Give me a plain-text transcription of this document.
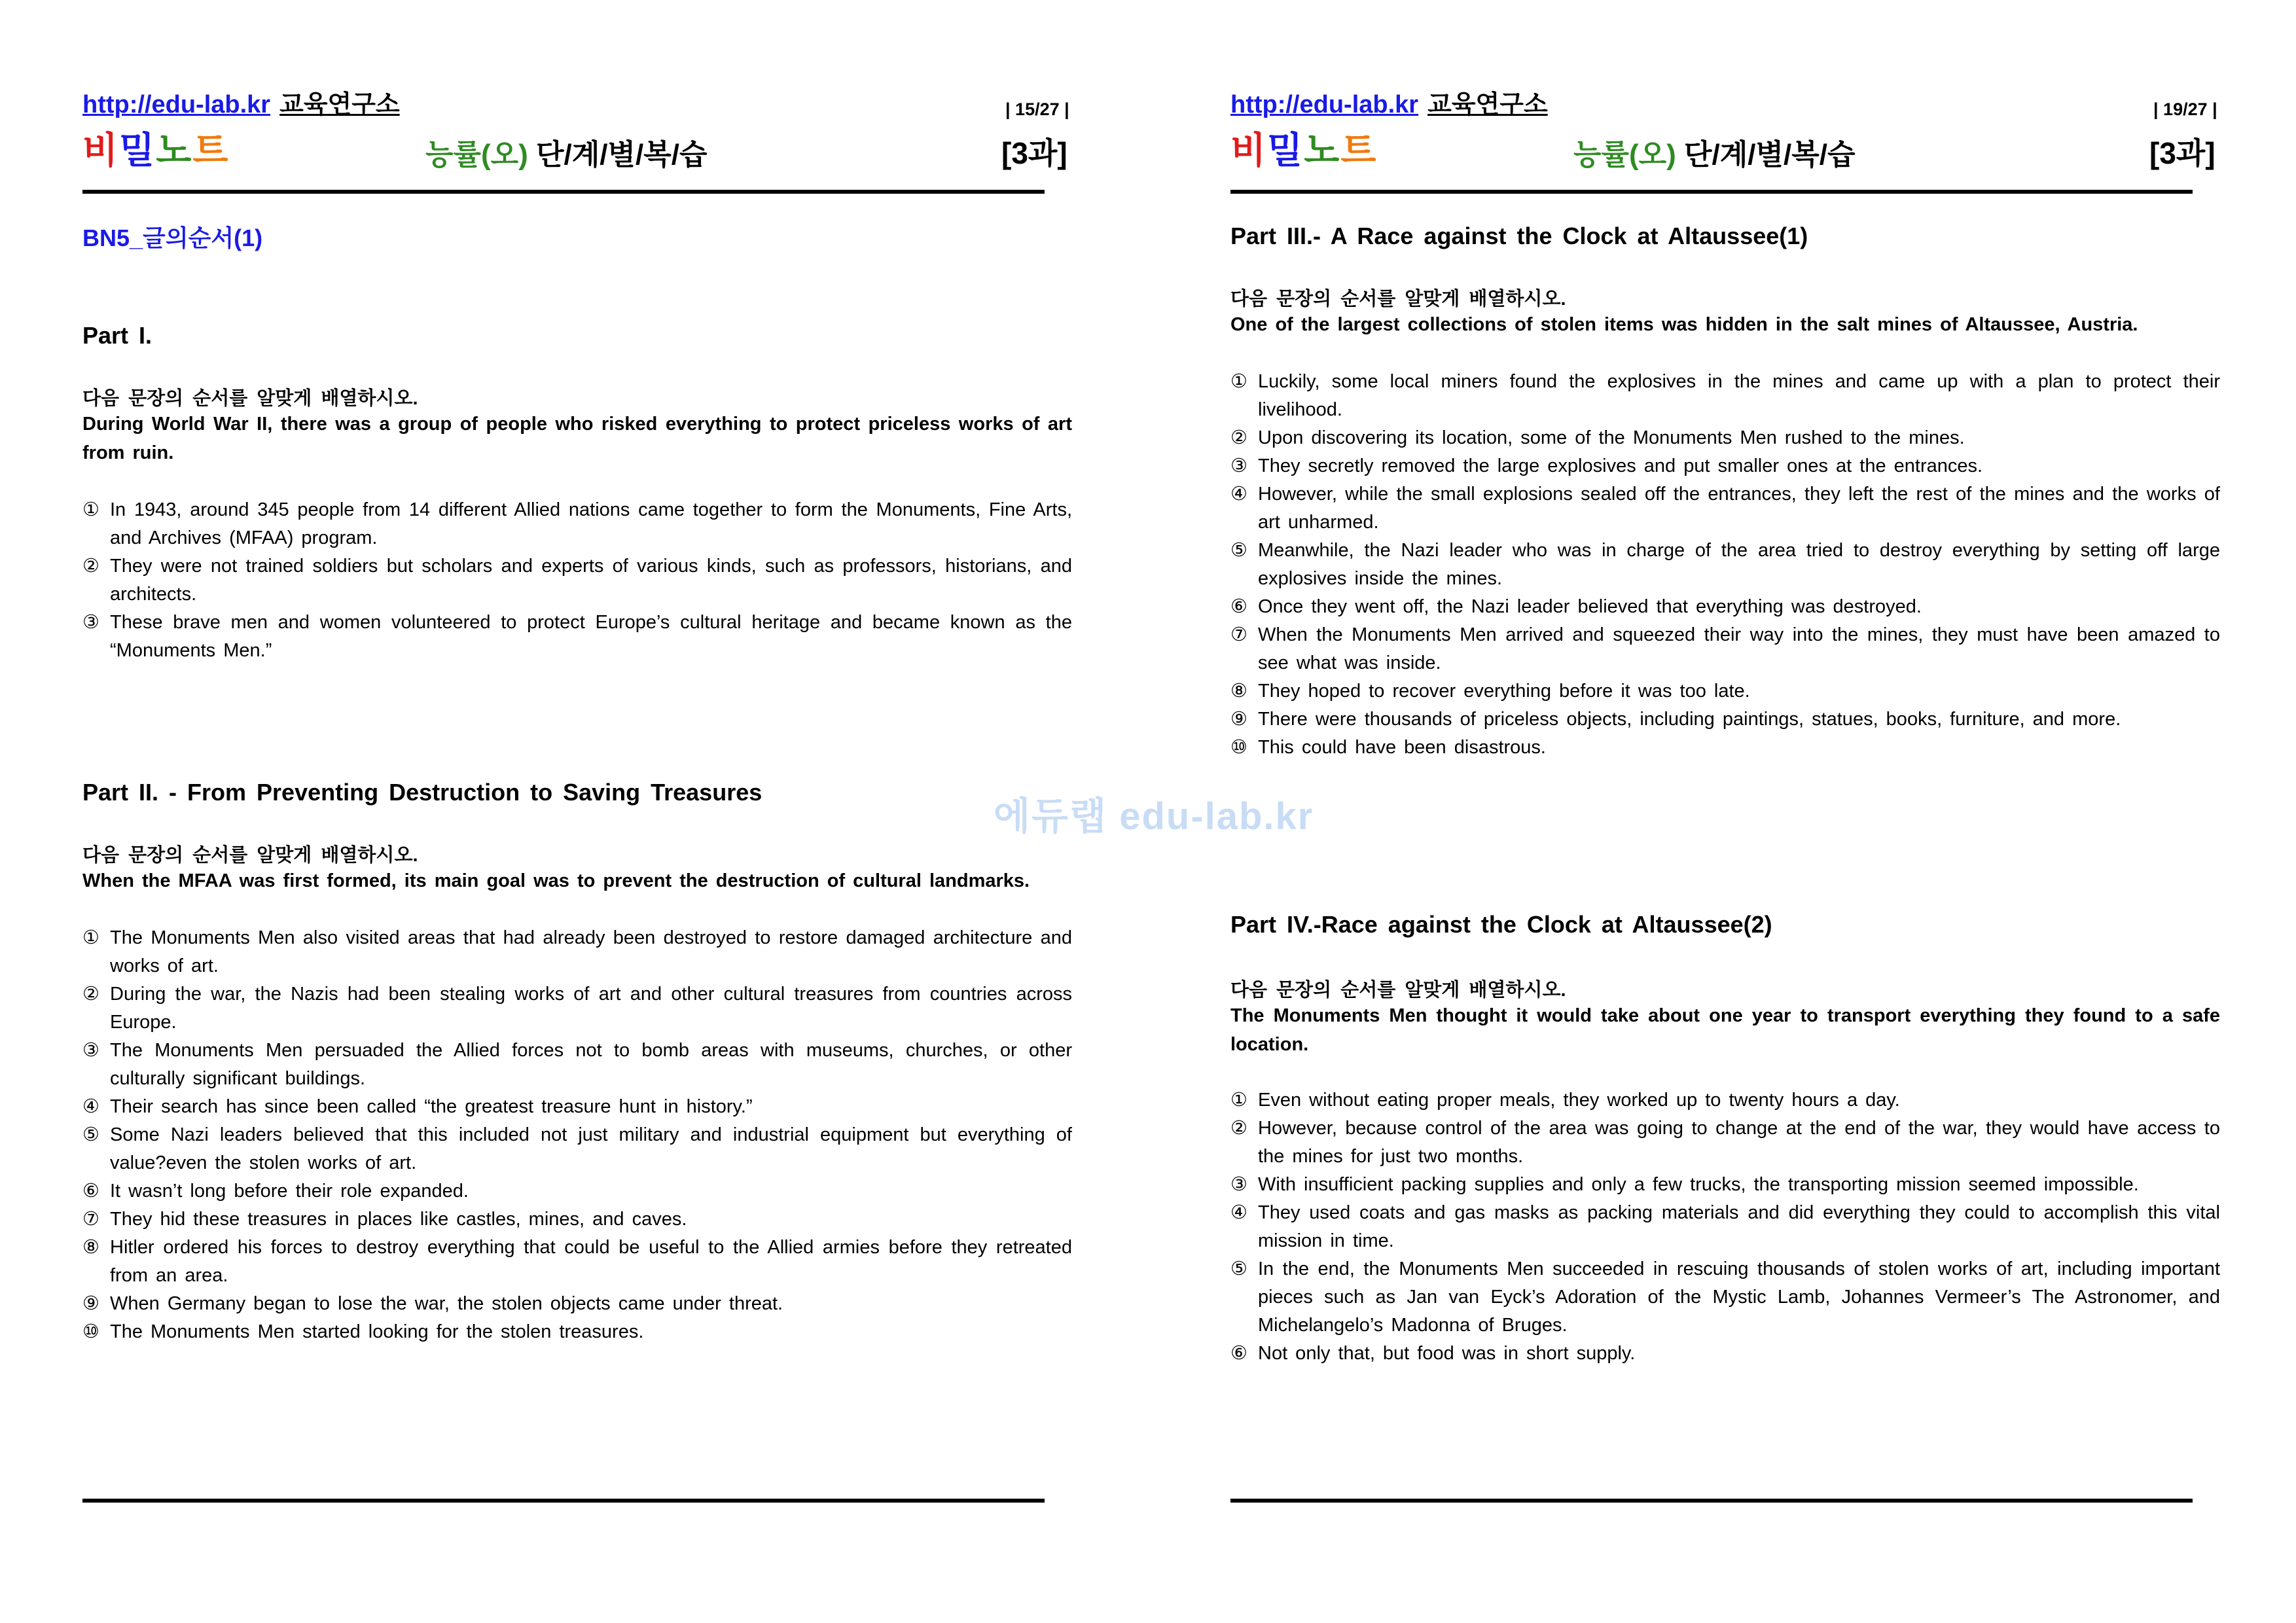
http://edu-lab.kr 교육연구소	| 15/27 |
비밀노트	능률(오) 단/계/별/복/습	[3과]
BN5_글의순서(1)
Part I.
다음 문장의 순서를 알맞게 배열하시오.
During World War II, there was a group of people who risked everything to protect priceless works of art from ruin.
① In 1943, around 345 people from 14 different Allied nations came together to form the Monuments, Fine Arts, and Archives (MFAA) program.
② They were not trained soldiers but scholars and experts of various kinds, such as professors, historians, and architects.
③ These brave men and women volunteered to protect Europe’s cultural heritage and became known as the “Monuments Men.”
Part II. - From Preventing Destruction to Saving Treasures
다음 문장의 순서를 알맞게 배열하시오.
When the MFAA was first formed, its main goal was to prevent the destruction of cultural landmarks.
① The Monuments Men also visited areas that had already been destroyed to restore damaged architecture and works of art.
② During the war, the Nazis had been stealing works of art and other cultural treasures from countries across Europe.
③ The Monuments Men persuaded the Allied forces not to bomb areas with museums, churches, or other culturally significant buildings.
④ Their search has since been called “the greatest treasure hunt in history.”
⑤ Some Nazi leaders believed that this included not just military and industrial equipment but everything of value?even the stolen works of art.
⑥ It wasn’t long before their role expanded.
⑦ They hid these treasures in places like castles, mines, and caves.
⑧ Hitler ordered his forces to destroy everything that could be useful to the Allied armies before they retreated from an area.
⑨ When Germany began to lose the war, the stolen objects came under threat.
⑩ The Monuments Men started looking for the stolen treasures.
http://edu-lab.kr 교육연구소	| 19/27 |
비밀노트	능률(오) 단/계/별/복/습	[3과]
Part III.- A Race against the Clock at Altaussee(1)
다음 문장의 순서를 알맞게 배열하시오.
One of the largest collections of stolen items was hidden in the salt mines of Altaussee, Austria.
① Luckily, some local miners found the explosives in the mines and came up with a plan to protect their livelihood.
② Upon discovering its location, some of the Monuments Men rushed to the mines.
③ They secretly removed the large explosives and put smaller ones at the entrances.
④ However, while the small explosions sealed off the entrances, they left the rest of the mines and the works of art unharmed.
⑤ Meanwhile, the Nazi leader who was in charge of the area tried to destroy everything by setting off large explosives inside the mines.
⑥ Once they went off, the Nazi leader believed that everything was destroyed.
⑦ When the Monuments Men arrived and squeezed their way into the mines, they must have been amazed to see what was inside.
⑧ They hoped to recover everything before it was too late.
⑨ There were thousands of priceless objects, including paintings, statues, books, furniture, and more.
⑩ This could have been disastrous.
Part IV.-Race against the Clock at Altaussee(2)
다음 문장의 순서를 알맞게 배열하시오.
The Monuments Men thought it would take about one year to transport everything they found to a safe location.
① Even without eating proper meals, they worked up to twenty hours a day.
② However, because control of the area was going to change at the end of the war, they would have access to the mines for just two months.
③ With insufficient packing supplies and only a few trucks, the transporting mission seemed impossible.
④ They used coats and gas masks as packing materials and did everything they could to accomplish this vital mission in time.
⑤ In the end, the Monuments Men succeeded in rescuing thousands of stolen works of art, including important pieces such as Jan van Eyck’s Adoration of the Mystic Lamb, Johannes Vermeer’s The Astronomer, and Michelangelo’s Madonna of Bruges.
⑥ Not only that, but food was in short supply.
에듀랩 edu-lab.kr
